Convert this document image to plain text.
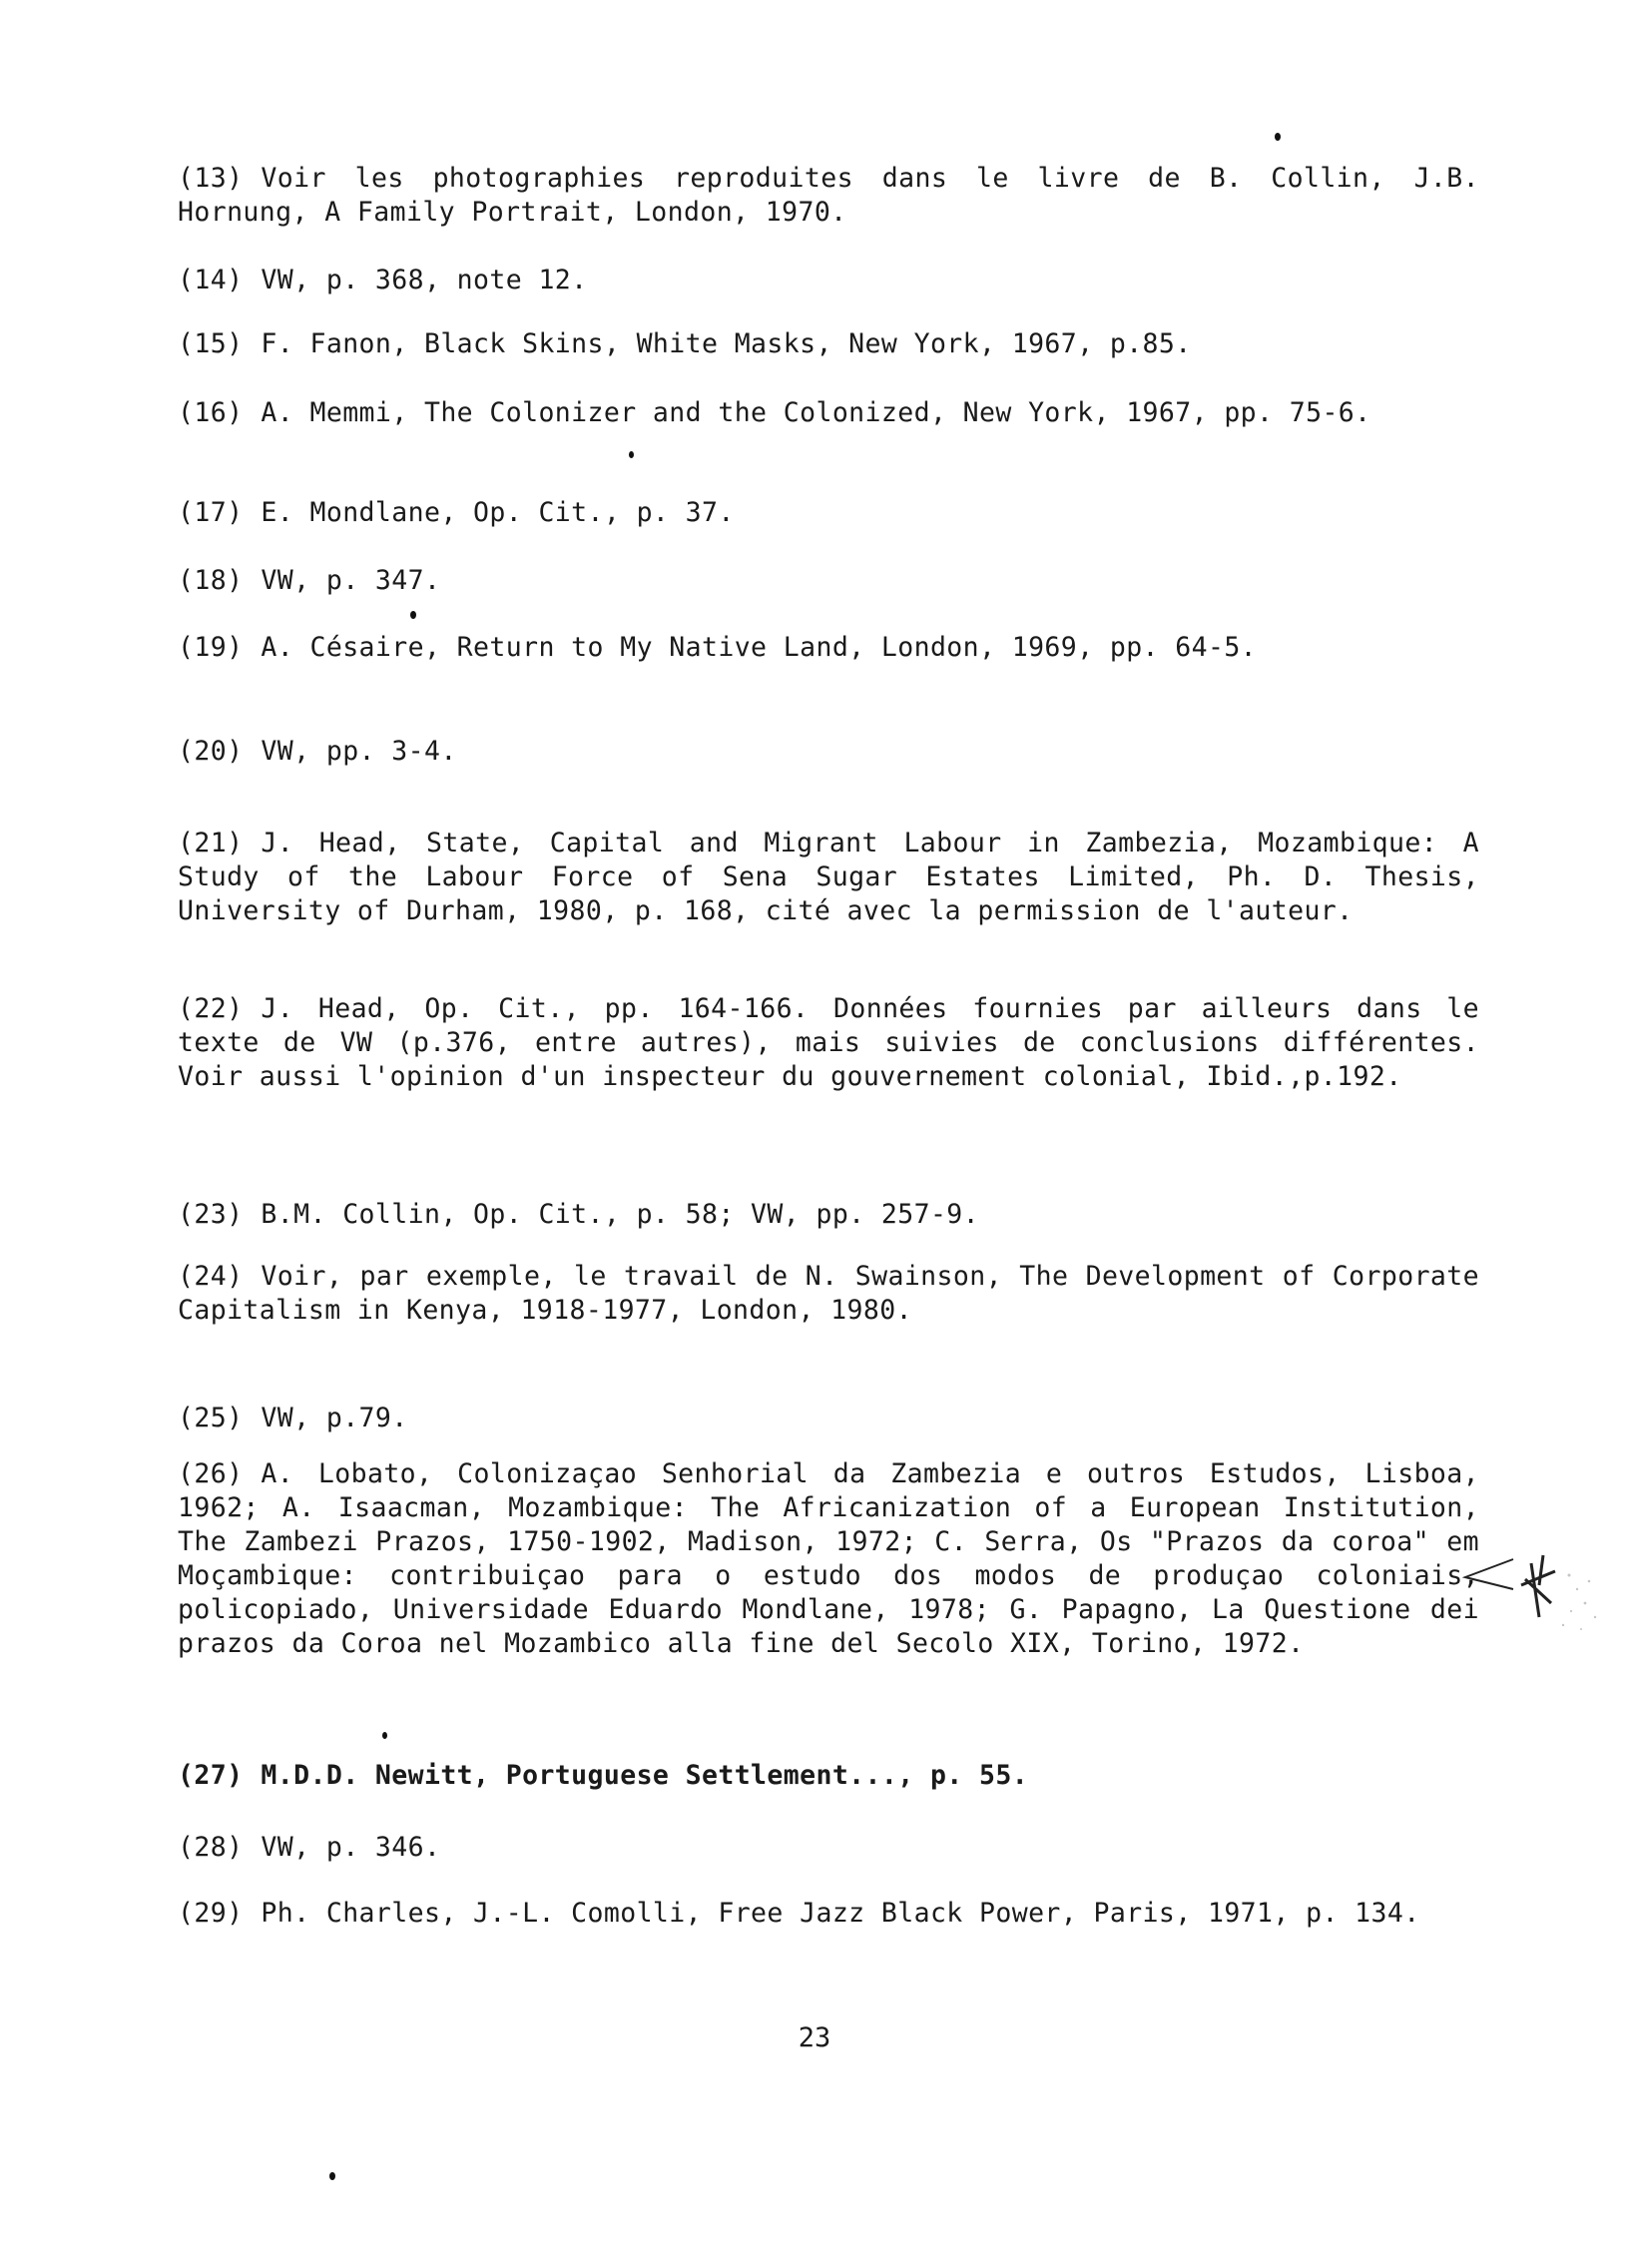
(13) Voir les photographies reproduites dans le livre de B. Collin, J.B. Hornung, A Family Portrait, London, 1970.

(14) VW, p. 368, note 12.

(15) F. Fanon, Black Skins, White Masks, New York, 1967, p.85.

(16) A. Memmi, The Colonizer and the Colonized, New York, 1967, pp. 75-6.

(17) E. Mondlane, Op. Cit., p. 37.

(18) VW, p. 347.

(19) A. Césaire, Return to My Native Land, London, 1969, pp. 64-5.

(20) VW, pp. 3-4.

(21) J. Head, State, Capital and Migrant Labour in Zambezia, Mozambique: A Study of the Labour Force of Sena Sugar Estates Limited, Ph. D. Thesis, University of Durham, 1980, p. 168, cité avec la permission de l'auteur.

(22) J. Head, Op. Cit., pp. 164-166. Données fournies par ailleurs dans le texte de VW (p.376, entre autres), mais suivies de conclusions différentes. Voir aussi l'opinion d'un inspecteur du gouvernement colonial, Ibid.,p.192.

(23) B.M. Collin, Op. Cit., p. 58; VW, pp. 257-9.

(24) Voir, par exemple, le travail de N. Swainson, The Development of Corporate Capitalism in Kenya, 1918-1977, London, 1980.

(25) VW, p.79.

(26) A. Lobato, Colonizaçao Senhorial da Zambezia e outros Estudos, Lisboa, 1962; A. Isaacman, Mozambique: The Africanization of a European Institution, The Zambezi Prazos, 1750-1902, Madison, 1972; C. Serra, Os "Prazos da coroa" em Moçambique: contribuiçao para o estudo dos modos de produçao coloniais, policopiado, Universidade Eduardo Mondlane, 1978; G. Papagno, La Questione dei prazos da Coroa nel Mozambico alla fine del Secolo XIX, Torino, 1972.

(27) M.D.D. Newitt, Portuguese Settlement..., p. 55.

(28) VW, p. 346.

(29) Ph. Charles, J.-L. Comolli, Free Jazz Black Power, Paris, 1971, p. 134.

23
